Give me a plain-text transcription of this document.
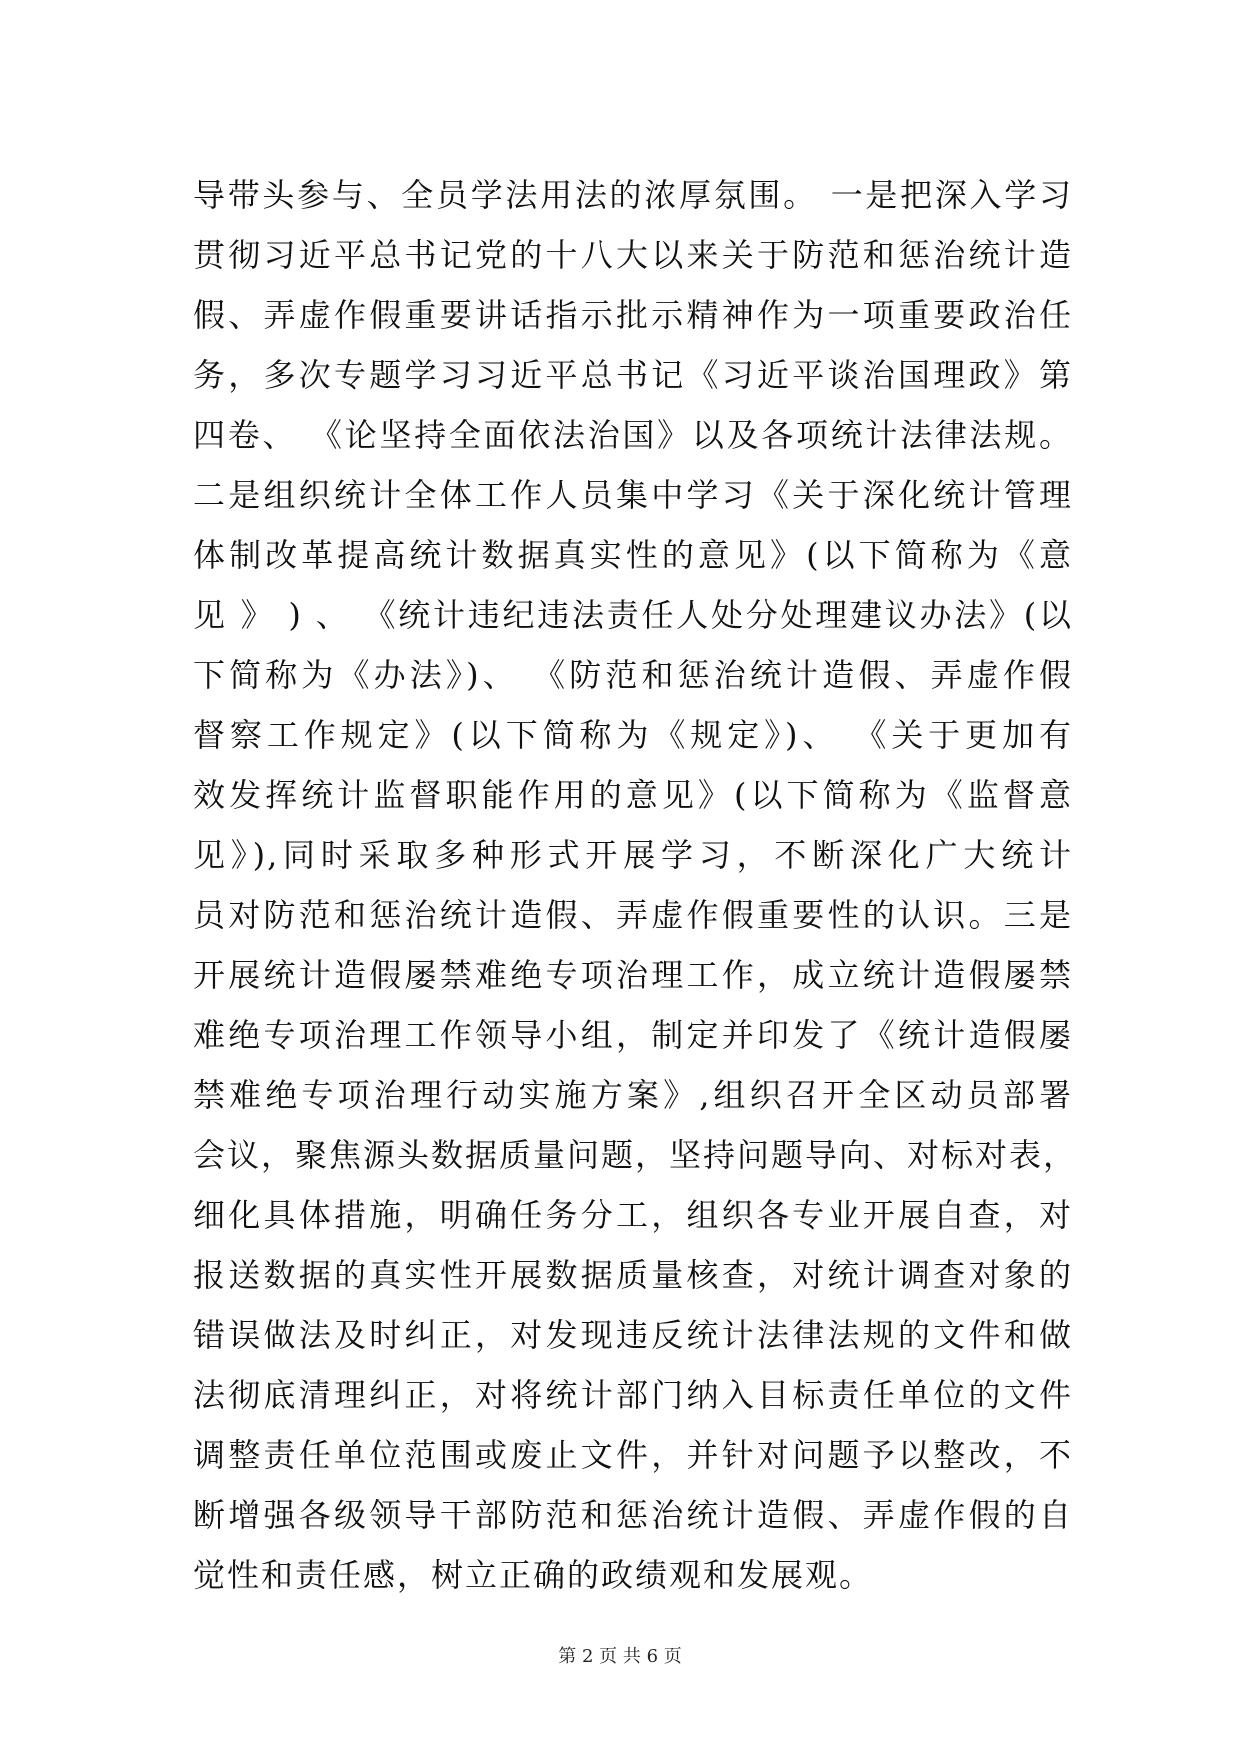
导带头参与、全员学法用法的浓厚氛围。 一是把深入学习
贯彻习近平总书记党的十八大以来关于防范和惩治统计造
假、弄虚作假重要讲话指示批示精神作为一项重要政治任
务，多次专题学习习近平总书记《习近平谈治国理政》第
四卷、 《论坚持全面依法治国》以及各项统计法律法规。
二是组织统计全体工作人员集中学习《关于深化统计管理
体制改革提高统计数据真实性的意见》(以下简称为《意
见 》 ) 、 《统计违纪违法责任人处分处理建议办法》(以
下简称为《办法》)、 《防范和惩治统计造假、弄虚作假
督察工作规定》(以下简称为《规定》)、 《关于更加有
效发挥统计监督职能作用的意见》(以下简称为《监督意
见》),同时采取多种形式开展学习，不断深化广大统计
员对防范和惩治统计造假、弄虚作假重要性的认识。三是
开展统计造假屡禁难绝专项治理工作，成立统计造假屡禁
难绝专项治理工作领导小组，制定并印发了《统计造假屡
禁难绝专项治理行动实施方案》,组织召开全区动员部署
会议，聚焦源头数据质量问题，坚持问题导向、对标对表，
细化具体措施，明确任务分工，组织各专业开展自查，对
报送数据的真实性开展数据质量核查，对统计调查对象的
错误做法及时纠正，对发现违反统计法律法规的文件和做
法彻底清理纠正，对将统计部门纳入目标责任单位的文件
调整责任单位范围或废止文件，并针对问题予以整改，不
断增强各级领导干部防范和惩治统计造假、弄虚作假的自
觉性和责任感，树立正确的政绩观和发展观。
第 2 页 共 6 页
